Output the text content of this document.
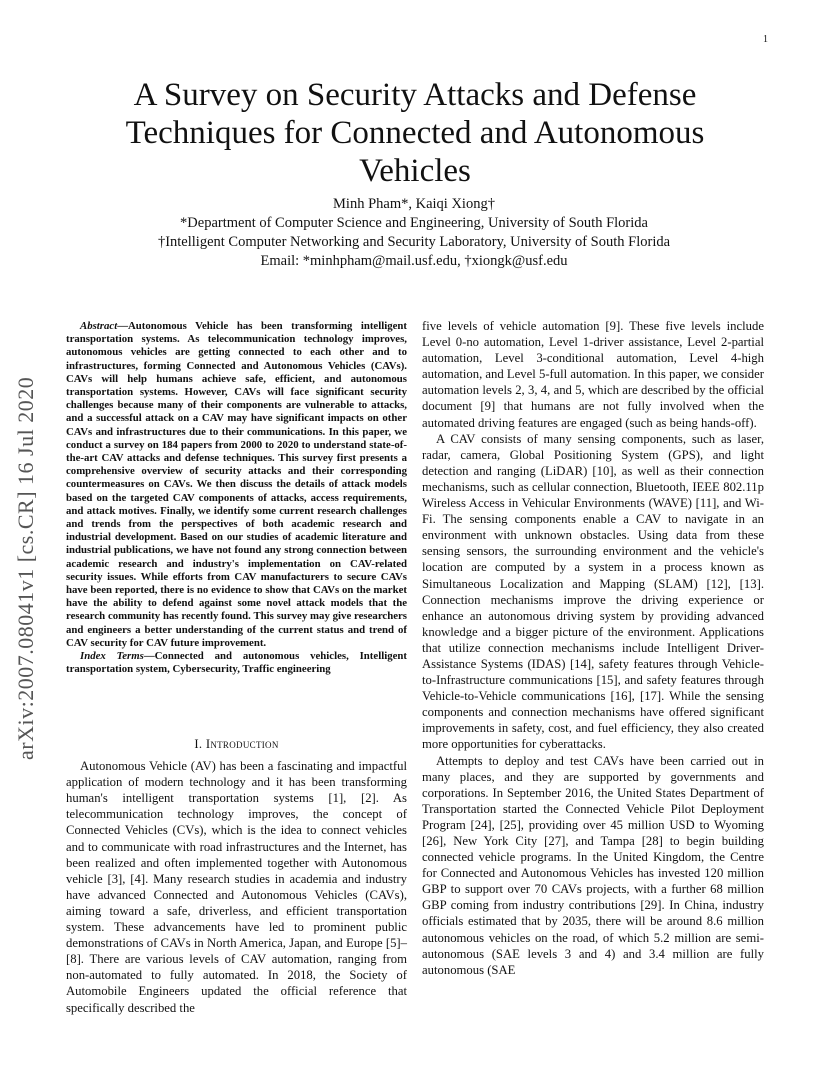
1
arXiv:2007.08041v1 [cs.CR] 16 Jul 2020
A Survey on Security Attacks and Defense Techniques for Connected and Autonomous Vehicles
Minh Pham*, Kaiqi Xiong†
*Department of Computer Science and Engineering, University of South Florida
†Intelligent Computer Networking and Security Laboratory, University of South Florida
Email: *minhpham@mail.usf.edu, †xiongk@usf.edu

Abstract—Autonomous Vehicle has been transforming intelligent transportation systems. As telecommunication technology improves, autonomous vehicles are getting connected to each other and to infrastructures, forming Connected and Autonomous Vehicles (CAVs). CAVs will help humans achieve safe, efficient, and autonomous transportation systems. However, CAVs will face significant security challenges because many of their components are vulnerable to attacks, and a successful attack on a CAV may have significant impacts on other CAVs and infrastructures due to their communications. In this paper, we conduct a survey on 184 papers from 2000 to 2020 to understand state-of-the-art CAV attacks and defense techniques. This survey first presents a comprehensive overview of security attacks and their corresponding countermeasures on CAVs. We then discuss the details of attack models based on the targeted CAV components of attacks, access requirements, and attack motives. Finally, we identify some current research challenges and trends from the perspectives of both academic research and industrial development. Based on our studies of academic literature and industrial publications, we have not found any strong connection between academic research and industry's implementation on CAV-related security issues. While efforts from CAV manufacturers to secure CAVs have been reported, there is no evidence to show that CAVs on the market have the ability to defend against some novel attack models that the research community has recently found. This survey may give researchers and engineers a better understanding of the current status and trend of CAV security for CAV future improvement.

Index Terms—Connected and autonomous vehicles, Intelligent transportation system, Cybersecurity, Traffic engineering

I. Introduction

Autonomous Vehicle (AV) has been a fascinating and impactful application of modern technology and it has been transforming human's intelligent transportation systems [1], [2]. As telecommunication technology improves, the concept of Connected Vehicles (CVs), which is the idea to connect vehicles and to communicate with road infrastructures and the Internet, has been realized and often implemented together with Autonomous vehicle [3], [4]. Many research studies in academia and industry have advanced Connected and Autonomous Vehicles (CAVs), aiming toward a safe, driverless, and efficient transportation system. These advancements have led to prominent public demonstrations of CAVs in North America, Japan, and Europe [5]–[8]. There are various levels of CAV automation, ranging from non-automated to fully automated. In 2018, the Society of Automobile Engineers updated the official reference that specifically described the

five levels of vehicle automation [9]. These five levels include Level 0-no automation, Level 1-driver assistance, Level 2-partial automation, Level 3-conditional automation, Level 4-high automation, and Level 5-full automation. In this paper, we consider automation levels 2, 3, 4, and 5, which are described by the official document [9] that humans are not fully involved when the automated driving features are engaged (such as being hands-off).

A CAV consists of many sensing components, such as laser, radar, camera, Global Positioning System (GPS), and light detection and ranging (LiDAR) [10], as well as their connection mechanisms, such as cellular connection, Bluetooth, IEEE 802.11p Wireless Access in Vehicular Environments (WAVE) [11], and Wi-Fi. The sensing components enable a CAV to navigate in an environment with unknown obstacles. Using data from these sensing sensors, the surrounding environment and the vehicle's location are computed by a system in a process known as Simultaneous Localization and Mapping (SLAM) [12], [13]. Connection mechanisms improve the driving experience or enhance an autonomous driving system by providing advanced knowledge and a bigger picture of the environment. Applications that utilize connection mechanisms include Intelligent Driver-Assistance Systems (IDAS) [14], safety features through Vehicle-to-Infrastructure communications [15], and safety features through Vehicle-to-Vehicle communications [16], [17]. While the sensing components and connection mechanisms have offered significant improvements in safety, cost, and fuel efficiency, they also created more opportunities for cyberattacks.

Attempts to deploy and test CAVs have been carried out in many places, and they are supported by governments and corporations. In September 2016, the United States Department of Transportation started the Connected Vehicle Pilot Deployment Program [24], [25], providing over 45 million USD to Wyoming [26], New York City [27], and Tampa [28] to begin building connected vehicle programs. In the United Kingdom, the Centre for Connected and Autonomous Vehicles has invested 120 million GBP to support over 70 CAVs projects, with a further 68 million GBP coming from industry contributions [29]. In China, industry officials estimated that by 2035, there will be around 8.6 million autonomous vehicles on the road, of which 5.2 million are semi-autonomous (SAE levels 3 and 4) and 3.4 million are fully autonomous (SAE
